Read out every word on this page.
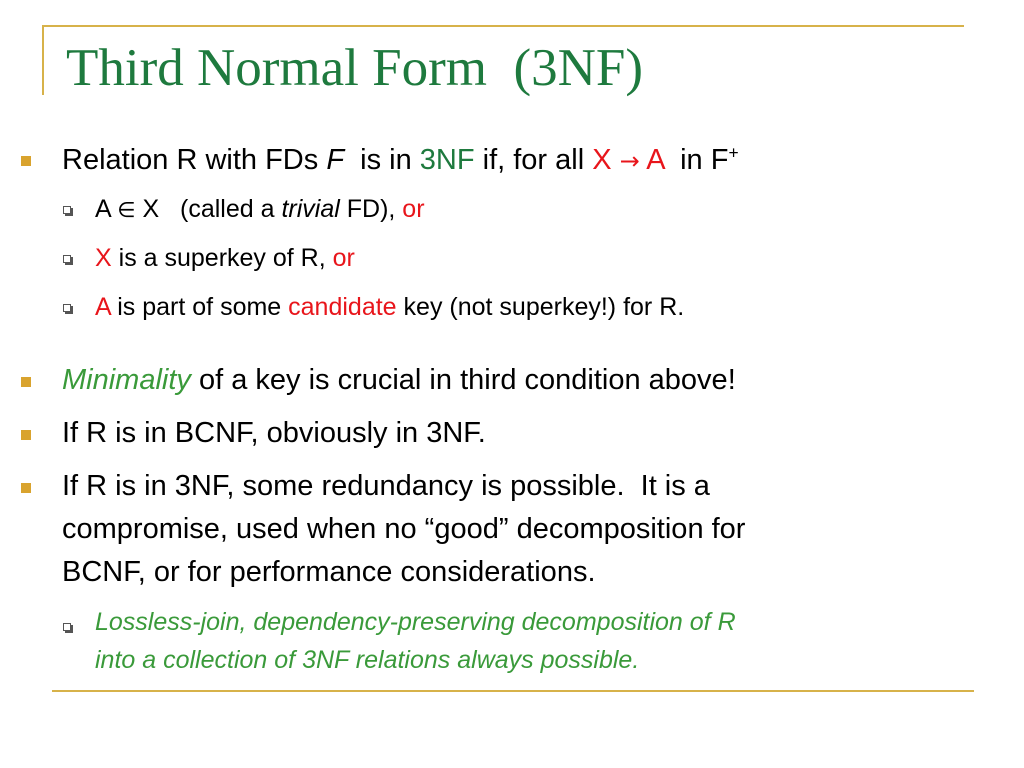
Third Normal Form  (3NF)
Relation R with FDs F  is in 3NF if, for all X → A  in F+
A ∈ X   (called a trivial FD), or
X is a superkey of R, or
A is part of some candidate key (not superkey!) for R.
Minimality of a key is crucial in third condition above!
If R is in BCNF, obviously in 3NF.
If R is in 3NF, some redundancy is possible.  It is a
compromise, used when no “good” decomposition for
BCNF, or for performance considerations.
Lossless-join, dependency-preserving decomposition of R
into a collection of 3NF relations always possible.
